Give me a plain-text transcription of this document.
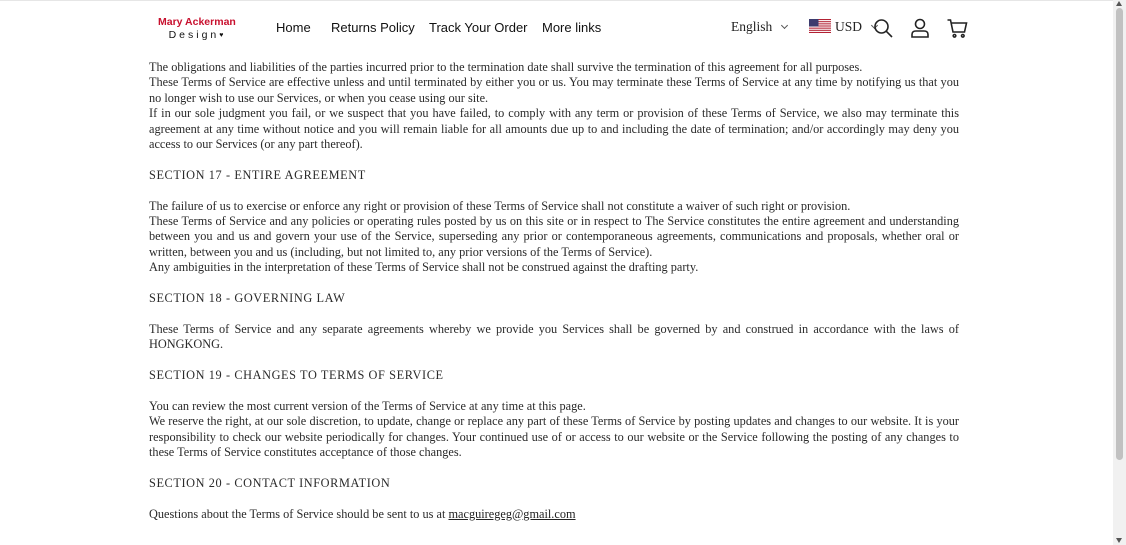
The obligations and liabilities of the parties incurred prior to the termination date shall survive the termination of this agreement for all purposes.

These Terms of Service are effective unless and until terminated by either you or us. You may terminate these Terms of Service at any time by notifying us that you no longer wish to use our Services, or when you cease using our site.

If in our sole judgment you fail, or we suspect that you have failed, to comply with any term or provision of these Terms of Service, we also may terminate this agreement at any time without notice and you will remain liable for all amounts due up to and including the date of termination; and/or accordingly may deny you access to our Services (or any part thereof).

SECTION 17 - ENTIRE AGREEMENT

The failure of us to exercise or enforce any right or provision of these Terms of Service shall not constitute a waiver of such right or provision.

These Terms of Service and any policies or operating rules posted by us on this site or in respect to The Service constitutes the entire agreement and understanding between you and us and govern your use of the Service, superseding any prior or contemporaneous agreements, communications and proposals, whether oral or written, between you and us (including, but not limited to, any prior versions of the Terms of Service).

Any ambiguities in the interpretation of these Terms of Service shall not be construed against the drafting party.

SECTION 18 - GOVERNING LAW

These Terms of Service and any separate agreements whereby we provide you Services shall be governed by and construed in accordance with the laws of HONGKONG.

SECTION 19 - CHANGES TO TERMS OF SERVICE

You can review the most current version of the Terms of Service at any time at this page.

We reserve the right, at our sole discretion, to update, change or replace any part of these Terms of Service by posting updates and changes to our website. It is your responsibility to check our website periodically for changes. Your continued use of or access to our website or the Service following the posting of any changes to these Terms of Service constitutes acceptance of those changes.

SECTION 20 - CONTACT INFORMATION

Questions about the Terms of Service should be sent to us at macguiregeg@gmail.com

Mary Ackerman
Design♥
Home Returns Policy Track Your Order More links	English	USD
